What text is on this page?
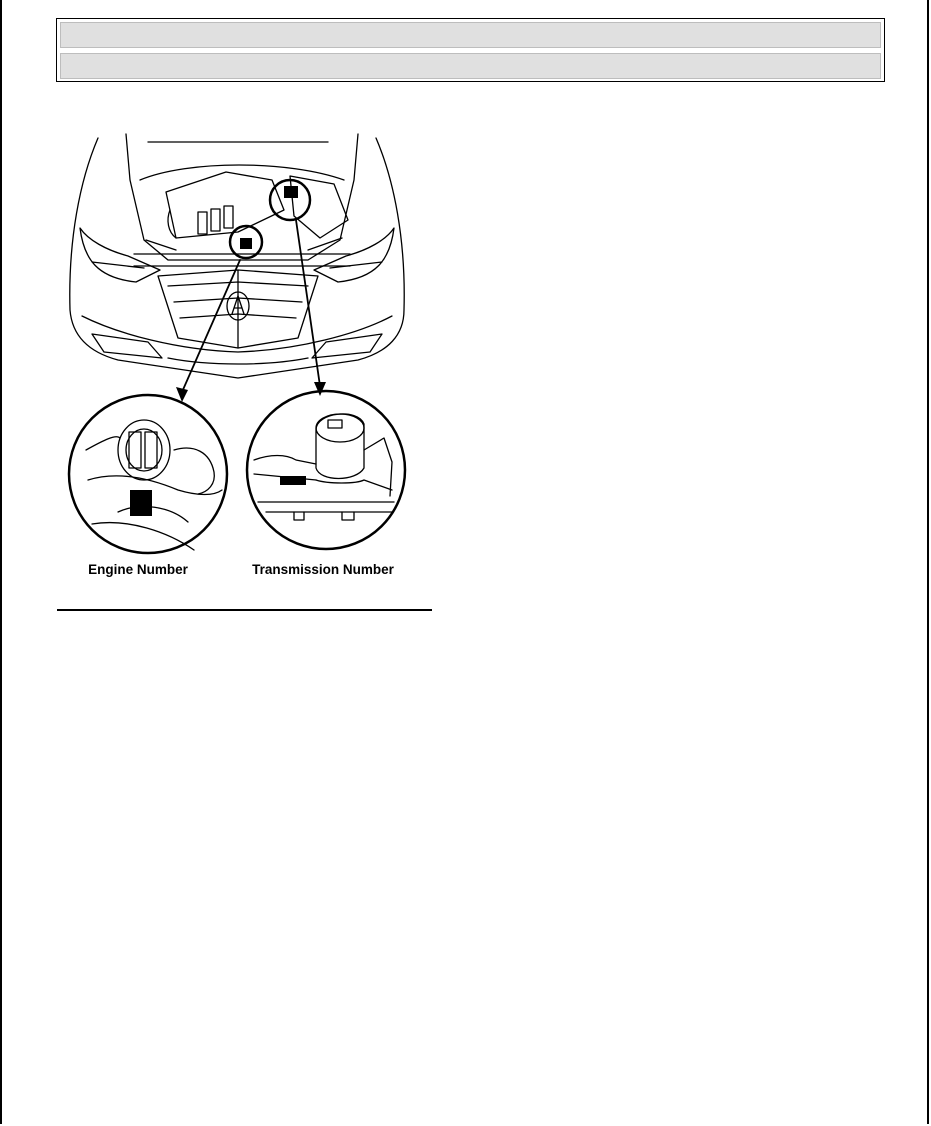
Engine Number	Transmission Number
